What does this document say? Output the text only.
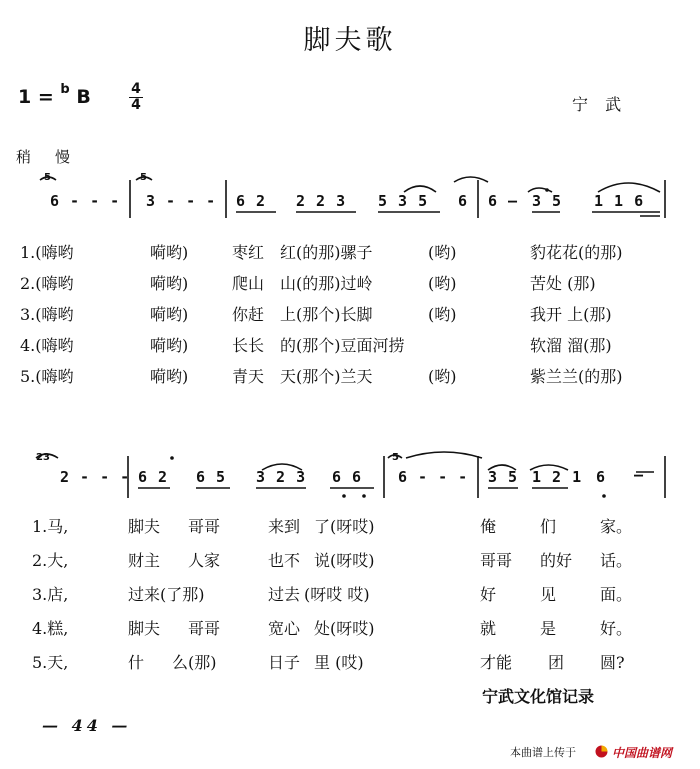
脚夫歌
1 = $^b$ B	4
4	宁 武
稍慢
5	5
6 - - - 3 - - - 6 2 2 2 3 5 3 5 6 6 — 3 5 1 1 6
1.(嗨哟	嗬哟)	枣红 红(的那)骡子	(哟)	豹花花(的那)
2.(嗨哟	嗬哟)	爬山 山(的那)过岭	(哟)	苦处 (那)
3.(嗨哟	嗬哟)	你赶 上(那个)长脚	(哟)	我开 上(那)
4.(嗨哟	嗬哟)	长长 的(那个)豆面河捞	软溜 溜(那)
5.(嗨哟	嗬哟)	青天 天(那个)兰天	(哟)	紫兰兰(的那)
23	5
2 - - - 6 2 6 5 3 2 3 6 6 6 - - - 3 5 1 2 1 6 —
1.马,	脚夫 哥哥	来到 了(呀哎)	俺	们	家。
2.大,	财主 人家	也不 说(呀哎)	哥哥 的好 话。
3.店,	过来(了那)	过去 (呀哎 哎)	好	见	面。
4.糕,	脚夫 哥哥	宽心 处(呀哎)	就	是	好。
5.天,	什 么(那)	日子 里 (哎)	才能 团 圆?
宁武文化馆记录
— 44 —
本曲谱上传于	中国曲谱网
